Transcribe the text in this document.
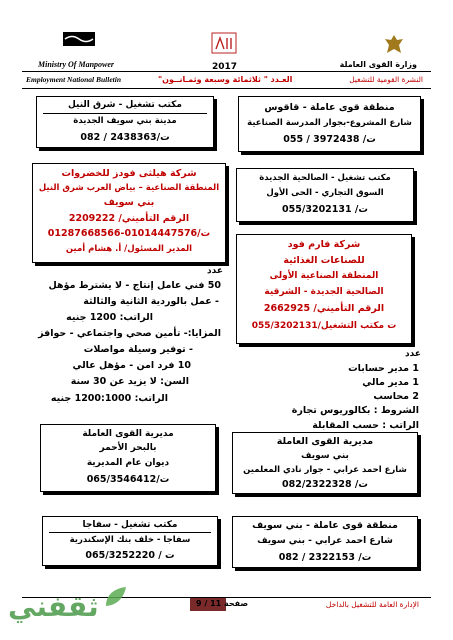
Ministry Of Manpower	وزارة القوى العاملة
Employment National Bulletin
2017
العـدد " ثلاثمائة وسبعة وثمـانــون"	النشرة القومية للتشغيل
منطقة قوى عاملة - قاقوس
شارع المشروع-بجوار المدرسة الصناعية
ت/ 3972438 / 055
مكتب تشغيل - شرق النيل
مدينة بني سويف الجديدة
ت/2438363 / 082
شركة هيلثى فودز للخضروات
المنطقة الصناعية – بياض العرب شرق النيل
بني سويف
الرقم التأميني/ 2209222
ت/01014447576-01287668566
المدير المسئول/ أ. هشام أمين
مكتب تشغيل - الصالحية الجديدة
السوق التجاري - الحى الأول
ت/ 055/3202131
شركة فارم فود
للصناعات الغذائية
المنطقة الصناعية الأولى
الصالحية الجديدة - الشرقية
الرقم التأميني/ 2662925
ت مكتب التشغيل/055/3202131
عدد
50 فني عامل إنتاج - لا يشترط مؤهل
- عمل بالوردية الثانية والثالثة
الراتب: 1200 جنيه
المزايا:- تأمين صحي واجتماعي - حوافز
- توفير وسيلة مواصلات
10 فرد امن - مؤهل عالي
السن: لا يزيد عن 30 سنة
الراتب: 1200:1000 جنيه
عدد
1 مدير حسابات
1 مدير مالي
2 محاسب
الشروط : بكالوريوس تجارة
الراتب : حسب المقابلة
مديرية القوى العاملة
بالبحر الأحمر
ديوان عام المديرية
ت/065/3546412
مديرية القوى العاملة
بني سويف
شارع احمد عرابي - جوار نادي المعلمين
ت/ 082/2322328
مكتب تشغيل - سفاجا
سفاجا - خلف بنك الإسكندرية
ت / 065/3252220
منطقة قوى عاملة - بني سويف
شارع احمد عرابي - بني سويف
ت/ 2322153 / 082
صفحة 11 / 9	الإدارة العامة للتشغيل بالداخل
ثقفني
